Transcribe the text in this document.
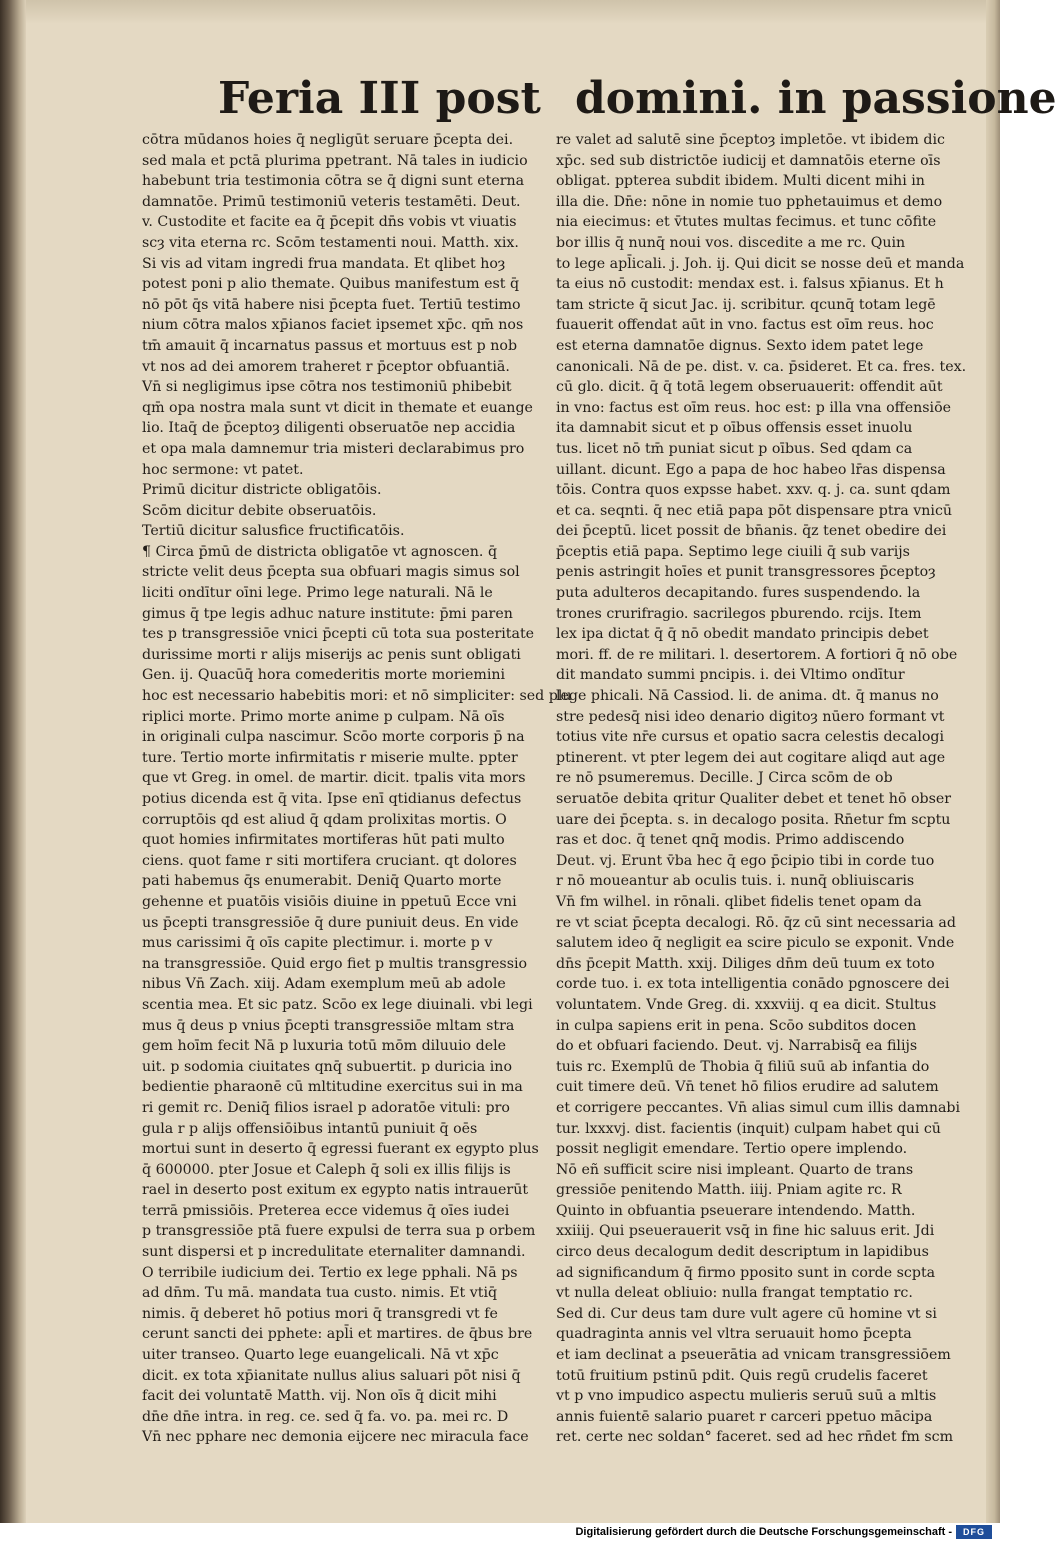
Feria III post domini. in passione
cōtra mūdanos hoies q̄ negligūt seruare p̄cepta dei.
sed mala et pctā plurima ppetrant. Nā tales in iudicio
habebunt tria testimonia cōtra se q̄ digni sunt eterna
damnatōe. Primū testimoniū veteris testamēti. Deut.
v. Custodite et facite ea q̄ p̄cepit dn̄s vobis vt viuatis
scȝ vita eterna rc. Scōm testamenti noui. Matth. xix.
Si vis ad vitam ingredi frua mandata. Et qlibet hoȝ
potest poni p alio themate. Quibus manifestum est q̄
nō pōt q̄s vitā habere nisi p̄cepta fuet. Tertiū testimo
nium cōtra malos xp̄ianos faciet ipsemet xp̄c. qm̄ nos
tm̄ amauit q̄ incarnatus passus et mortuus est p nob
vt nos ad dei amorem traheret r p̄ceptor obfuantiā.
Vn̄ si negligimus ipse cōtra nos testimoniū phibebit
qm̄ opa nostra mala sunt vt dicit in themate et euange
lio. Itaq̄ de p̄ceptoȝ diligenti obseruatōe nep accidia
et opa mala damnemur tria misteri declarabimus pro
hoc sermone: vt patet.
Primū dicitur districte obligatōis.
Scōm dicitur debite obseruatōis.
Tertiū dicitur salusfice fructificatōis.
¶ Circa p̄mū de districta obligatōe vt agnoscen. q̄
stricte velit deus p̄cepta sua obfuari magis simus sol
liciti ondītur oīni lege. Primo lege naturali. Nā le
gimus q̄ tpe legis adhuc nature institute: p̄mi paren
tes p transgressiōe vnici p̄cepti cū tota sua posteritate
durissime morti r alijs miserijs ac penis sunt obligati
Gen. ij. Quacūq̄ hora comederitis morte moriemini
hoc est necessario habebitis mori: et nō simpliciter: sed plu
riplici morte. Primo morte anime p culpam. Nā oīs
in originali culpa nascimur. Scōo morte corporis p̄ na
ture. Tertio morte infirmitatis r miserie multe. ppter
que vt Greg. in omel. de martir. dicit. tpalis vita mors
potius dicenda est q̄ vita. Ipse enī qtidianus defectus
corruptōis qd est aliud q̄ qdam prolixitas mortis. O
quot homies infirmitates mortiferas hūt pati multo
ciens. quot fame r siti mortifera cruciant. qt dolores
pati habemus q̄s enumerabit. Deniq̄ Quarto morte
gehenne et puatōis visiōis diuine in ppetuū Ecce vni
us p̄cepti transgressiōe q̄ dure puniuit deus. En vide
mus carissimi q̄ oīs capite plectimur. i. morte p v
na transgressiōe. Quid ergo fiet p multis transgressio
nibus Vn̄ Zach. xiij. Adam exemplum meū ab adole
scentia mea. Et sic patz. Scōo ex lege diuinali. vbi legi
mus q̄ deus p vnius p̄cepti transgressiōe mltam stra
gem hoīm fecit Nā p luxuria totū mōm diluuio dele
uit. p sodomia ciuitates qnq̄ subuertit. p duricia ino
bedientie pharaonē cū mltitudine exercitus sui in ma
ri gemit rc. Deniq̄ filios israel p adoratōe vituli: pro
gula r p alijs offensiōibus intantū puniuit q̄ oēs
mortui sunt in deserto q̄ egressi fuerant ex egypto plus
q̄ 600000. pter Josue et Caleph q̄ soli ex illis filijs is
rael in deserto post exitum ex egypto natis intrauerūt
terrā pmissiōis. Preterea ecce videmus q̄ oīes iudei
p transgressiōe ptā fuere expulsi de terra sua p orbem
sunt dispersi et p incredulitate eternaliter damnandi.
O terribile iudicium dei. Tertio ex lege pphali. Nā ps
ad dn̄m. Tu mā. mandata tua custo. nimis. Et vtiq̄
nimis. q̄ deberet hō potius mori q̄ transgredi vt fe
cerunt sancti dei pphete: apl̄i et martires. de q̄bus bre
uiter transeo. Quarto lege euangelicali. Nā vt xp̄c
dicit. ex tota xp̄ianitate nullus alius saluari pōt nisi q̄
facit dei voluntatē Matth. vij. Non oīs q̄ dicit mihi
dn̄e dn̄e intra. in reg. ce. sed q̄ fa. vo. pa. mei rc. D
Vn̄ nec pphare nec demonia eijcere nec miracula face
re valet ad salutē sine p̄ceptoȝ impletōe. vt ibidem dic
xp̄c. sed sub districtōe iudicij et damnatōis eterne oīs
obligat. ppterea subdit ibidem. Multi dicent mihi in
illa die. Dn̄e: nōne in nomie tuo pphetauimus et demo
nia eiecimus: et v̄tutes multas fecimus. et tunc cōfite
bor illis q̄ nunq̄ noui vos. discedite a me rc. Quin
to lege apl̄icali. j. Joh. ij. Qui dicit se nosse deū et manda
ta eius nō custodit: mendax est. i. falsus xp̄ianus. Et h
tam stricte q̄ sicut Jac. ij. scribitur. qcunq̄ totam legē
fuauerit offendat aūt in vno. factus est oīm reus. hoc
est eterna damnatōe dignus. Sexto idem patet lege
canonicali. Nā de pe. dist. v. ca. p̄sideret. Et ca. fres. tex.
cū glo. dicit. q̄ q̄ totā legem obseruauerit: offendit aūt
in vno: factus est oīm reus. hoc est: p illa vna offensiōe
ita damnabit sicut et p oībus offensis esset inuolu
tus. licet nō tm̄ puniat sicut p oībus. Sed qdam ca
uillant. dicunt. Ego a papa de hoc habeo lr̄as dispensa
tōis. Contra quos expsse habet. xxv. q. j. ca. sunt qdam
et ca. seqnti. q̄ nec etiā papa pōt dispensare ptra vnicū
dei p̄ceptū. licet possit de bn̄anis. q̄z tenet obedire dei
p̄ceptis etiā papa. Septimo lege ciuili q̄ sub varijs
penis astringit hoīes et punit transgressores p̄ceptoȝ
puta adulteros decapitando. fures suspendendo. la
trones crurifragio. sacrilegos pburendo. rcijs. Item
lex ipa dictat q̄ q̄ nō obedit mandato principis debet
mori. ff. de re militari. l. desertorem. A fortiori q̄ nō obe
dit mandato summi pncipis. i. dei Vltimo ondītur
lege phicali. Nā Cassiod. li. de anima. dt. q̄ manus no
stre pedesq̄ nisi ideo denario digitoȝ nūero formant vt
totius vite nr̄e cursus et opatio sacra celestis decalogi
ptinerent. vt pter legem dei aut cogitare aliqd aut age
re nō psumeremus. Decille. J Circa scōm de ob
seruatōe debita qritur Qualiter debet et tenet hō obser
uare dei p̄cepta. s. in decalogo posita. Rn̄etur fm scptu
ras et doc. q̄ tenet qnq̄ modis. Primo addiscendo
Deut. vj. Erunt v̄ba hec q̄ ego p̄cipio tibi in corde tuo
r nō moueantur ab oculis tuis. i. nunq̄ obliuiscaris
Vn̄ fm wilhel. in rōnali. qlibet fidelis tenet opam da
re vt sciat p̄cepta decalogi. Rō. q̄z cū sint necessaria ad
salutem ideo q̄ negligit ea scire piculo se exponit. Vnde
dn̄s p̄cepit Matth. xxij. Diliges dn̄m deū tuum ex toto
corde tuo. i. ex tota intelligentia conādo pgnoscere dei
voluntatem. Vnde Greg. di. xxxviij. q ea dicit. Stultus
in culpa sapiens erit in pena. Scōo subditos docen
do et obfuari faciendo. Deut. vj. Narrabisq̄ ea filijs
tuis rc. Exemplū de Thobia q̄ filiū suū ab infantia do
cuit timere deū. Vn̄ tenet hō filios erudire ad salutem
et corrigere peccantes. Vn̄ alias simul cum illis damnabi
tur. lxxxvj. dist. facientis (inquit) culpam habet qui cū
possit negligit emendare. Tertio opere implendo.
Nō eñ sufficit scire nisi impleant. Quarto de trans
gressiōe penitendo Matth. iiij. Pniam agite rc. R
Quinto in obfuantia pseuerare intendendo. Matth.
xxiiij. Qui pseuerauerit vsq̄ in fine hic saluus erit. Jdi
circo deus decalogum dedit descriptum in lapidibus
ad significandum q̄ firmo pposito sunt in corde scpta
vt nulla deleat obliuio: nulla frangat temptatio rc.
Sed di. Cur deus tam dure vult agere cū homine vt si
quadraginta annis vel vltra seruauit homo p̄cepta
et iam declinat a pseuerātia ad vnicam transgressiōem
totū fruitium pstinū pdit. Quis regū crudelis faceret
vt p vno impudico aspectu mulieris seruū suū a mltis
annis fuientē salario puaret r carceri ppetuo mācipa
ret. certe nec soldan° faceret. sed ad hec rn̄det fm scm
Digitalisierung gefördert durch die Deutsche Forschungsgemeinschaft -	DFG
